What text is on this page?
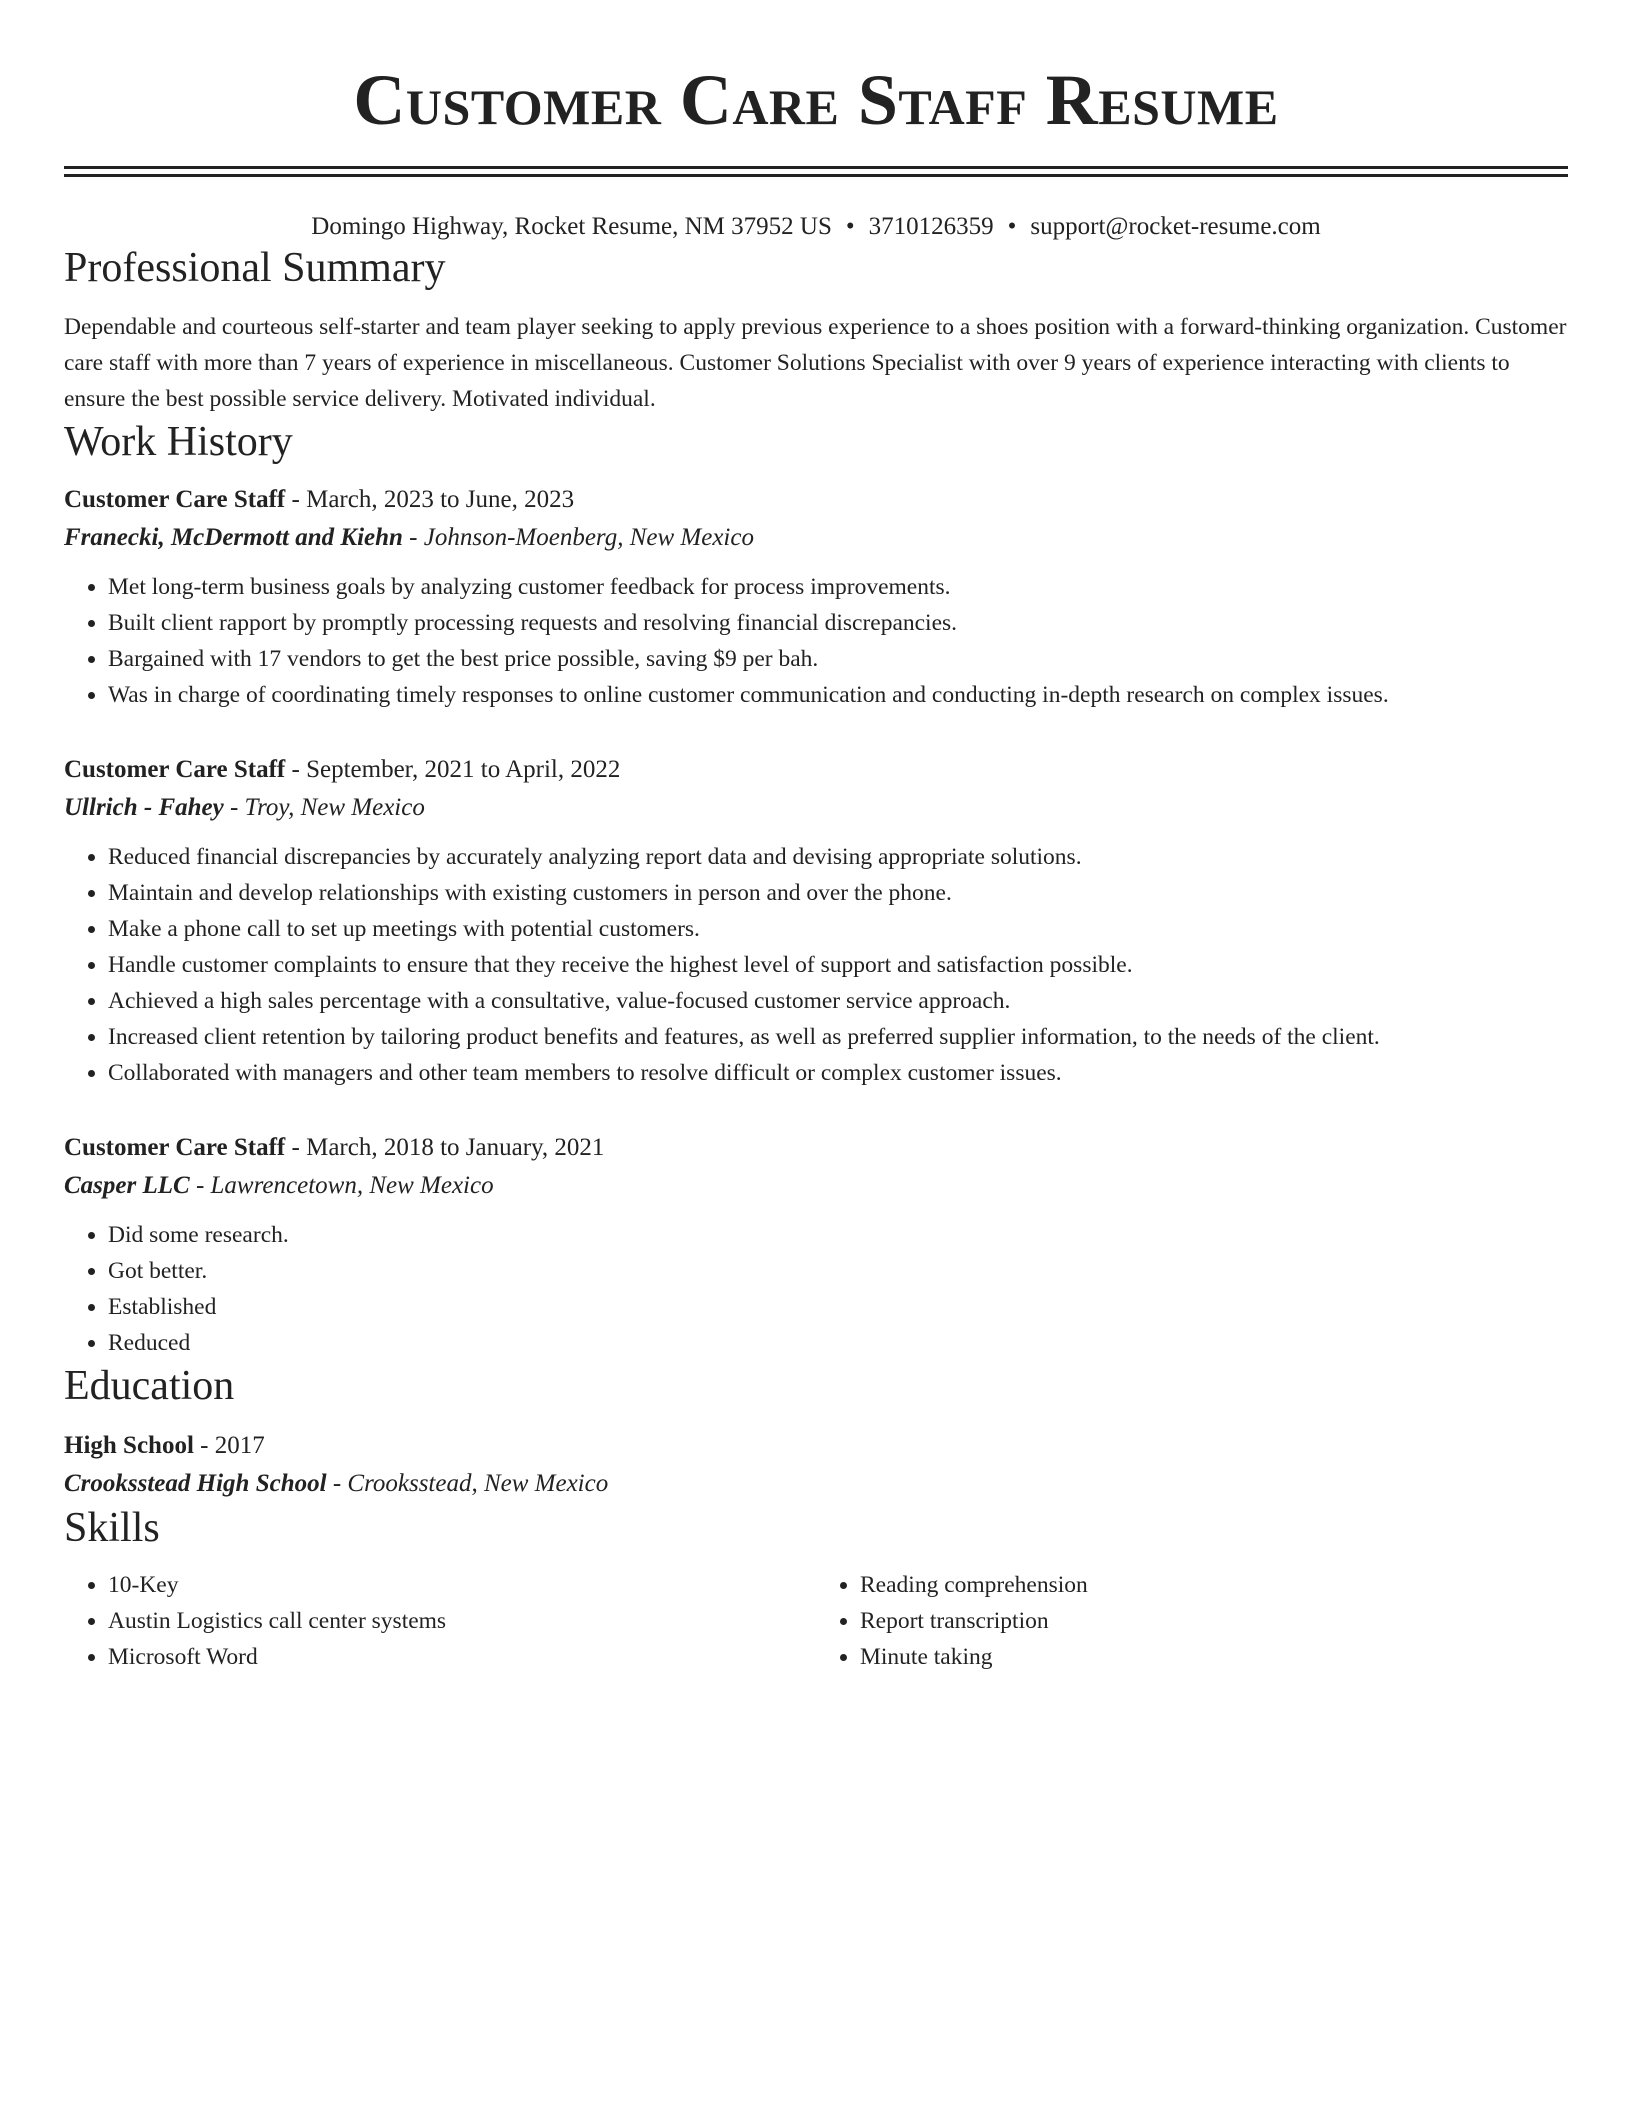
Customer Care Staff Resume
Domingo Highway, Rocket Resume, NM 37952 US • 3710126359 • support@rocket-resume.com
Professional Summary
Dependable and courteous self-starter and team player seeking to apply previous experience to a shoes position with a forward-thinking organization. Customer care staff with more than 7 years of experience in miscellaneous. Customer Solutions Specialist with over 9 years of experience interacting with clients to ensure the best possible service delivery. Motivated individual.
Work History
Customer Care Staff - March, 2023 to June, 2023
Franecki, McDermott and Kiehn - Johnson-Moenberg, New Mexico
• Met long-term business goals by analyzing customer feedback for process improvements.
• Built client rapport by promptly processing requests and resolving financial discrepancies.
• Bargained with 17 vendors to get the best price possible, saving $9 per bah.
• Was in charge of coordinating timely responses to online customer communication and conducting in-depth research on complex issues.
Customer Care Staff - September, 2021 to April, 2022
Ullrich - Fahey - Troy, New Mexico
• Reduced financial discrepancies by accurately analyzing report data and devising appropriate solutions.
• Maintain and develop relationships with existing customers in person and over the phone.
• Make a phone call to set up meetings with potential customers.
• Handle customer complaints to ensure that they receive the highest level of support and satisfaction possible.
• Achieved a high sales percentage with a consultative, value-focused customer service approach.
• Increased client retention by tailoring product benefits and features, as well as preferred supplier information, to the needs of the client.
• Collaborated with managers and other team members to resolve difficult or complex customer issues.
Customer Care Staff - March, 2018 to January, 2021
Casper LLC - Lawrencetown, New Mexico
• Did some research.
• Got better.
• Established
• Reduced
Education
High School - 2017
Crooksstead High School - Crooksstead, New Mexico
Skills
• 10-Key
• Austin Logistics call center systems
• Microsoft Word
• Reading comprehension
• Report transcription
• Minute taking
